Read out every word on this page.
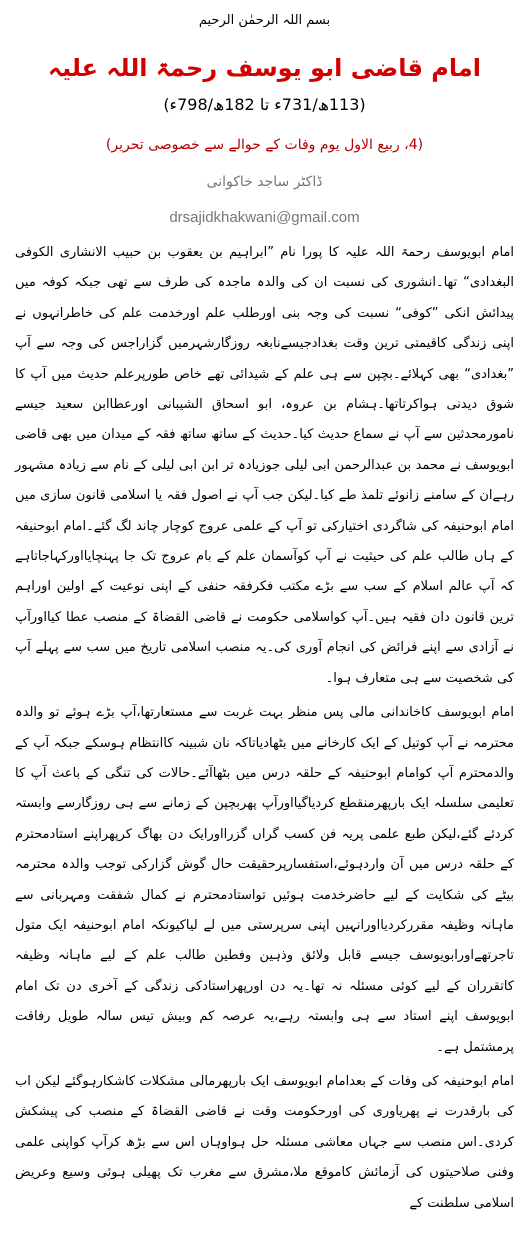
بسم اللہ الرحمٰن الرحیم
امام قاضی ابو یوسف رحمۃ اللہ علیہ
(113ھ/731ء تا 182ھ/798ء)
(4، ربیع الاول یوم وفات کے حوالے سے خصوصی تحریر)
ڈاکٹر ساجد خاکوانی
drsajidkhakwani@gmail.com

امام ابویوسف رحمۃ اللہ علیہ کا پورا نام ”ابراہیم بن یعقوب بن حبیب الانشاری الکوفی البغدادی“ تھا۔انشوری کی نسبت ان کی والدہ ماجدہ کی طرف سے تھی جبکہ کوفہ میں پیدائش انکی ”کوفی“ نسبت کی وجہ بنی اورطلب علم اورخدمت علم کی خاطرانہوں نے اپنی زندگی کاقیمتی ترین وقت بغدادجیسےنابغہ روزگارشہرمیں گزاراجس کی وجہ سے آپ ”بغدادی“ بھی کہلائے۔بچپن سے ہی علم کے شیدائی تھے خاص طورپرعلم حدیث میں آپ کا شوق دیدنی ہواکرتاتھا۔ہشام بن عروہ، ابو اسحاق الشیبانی اورعطاابن سعید جیسے نامورمحدثین سے آپ نے سماع حدیث کیا۔حدیث کے ساتھ ساتھ فقہ کے میدان میں بھی قاضی ابویوسف نے محمد بن عبدالرحمن ابی لیلی جوزیادہ تر ابن ابی لیلی کے نام سے زیادہ مشہور رہےان کے سامنے زانوئے تلمذ طے کیا۔لیکن جب آپ نے اصول فقہ یا اسلامی قانون سازی میں امام ابوحنیفہ کی شاگردی اختیارکی تو آپ کے علمی عروج کوچار چاند لگ گئے۔امام ابوحنیفہ کے ہاں طالب علم کی حیثیت نے آپ کوآسمان علم کے بام عروج تک جا پہنچایااورکہاجاتاہے کہ آپ عالم اسلام کے سب سے بڑے مکتب فکرفقہ حنفی کے اپنی نوعیت کے اولین اوراہم ترین قانون دان فقیہ ہیں۔آپ کواسلامی حکومت نے قاضی القضاۃ کے منصب عطا کیااورآپ نے آزادی سے اپنے فرائض کی انجام آوری کی۔یہ منصب اسلامی تاریخ میں سب سے پہلے آپ کی شخصیت سے ہی متعارف ہوا۔

امام ابویوسف کاخاندانی مالی پس منظر بہت غربت سے مستعارتھا،آپ بڑے ہوئے تو والدہ محترمہ نے آپ کوتیل کے ایک کارخانے میں بٹھادیاتاکہ نان شبینہ کاانتظام ہوسکے جبکہ آپ کے والدمحترم آپ کوامام ابوحنیفہ کے حلقہ درس میں بٹھاآئے۔حالات کی تنگی کے باعث آپ کا تعلیمی سلسلہ ایک بارپھرمنقطع کردیاگیااورآپ پھربچپن کے زمانے سے ہی روزگارسے وابستہ کردئے گئے،لیکن طبع علمی پریہ فن کسب گراں گزرااورایک دن بھاگ کرپھراپنے استادمحترم کے حلقہ درس میں آن واردہوئے،استفسارپرحقیقت حال گوش گزارکی توجب والدہ محترمہ بیٹے کی شکایت کے لیے حاضرخدمت ہوئیں تواستادمحترم نے کمال شفقت ومہربانی سے ماہانہ وظیفہ مقررکردیااورانہیں اپنی سرپرستی میں لے لیاکیونکہ امام ابوحنیفہ ایک متول تاجرتھےاورابویوسف جیسے قابل ولائق وذہین وفطین طالب علم کے لیے ماہانہ وظیفہ کاتقرران کے لیے کوئی مسئلہ نہ تھا۔یہ دن اورپھراستادکی زندگی کے آخری دن تک امام ابویوسف اپنے استاد سے ہی وابستہ رہے،یہ عرصہ کم وبیش تیس سالہ طویل رفاقت پرمشتمل ہے۔

امام ابوحنیفہ کی وفات کے بعدامام ابویوسف ایک بارپھرمالی مشکلات کاشکارہوگئے لیکن اب کی بارقدرت نے پھریاوری کی اورحکومت وقت نے قاضی القضاۃ کے منصب کی پیشکش کردی۔اس منصب سے جہاں معاشی مسئلہ حل ہواوہاں اس سے بڑھ کرآپ کواپنی علمی وفنی صلاحیتوں کی آزمائش کاموقع ملا،مشرق سے مغرب تک پھیلی ہوئی وسیع وعریض اسلامی سلطنت کے
